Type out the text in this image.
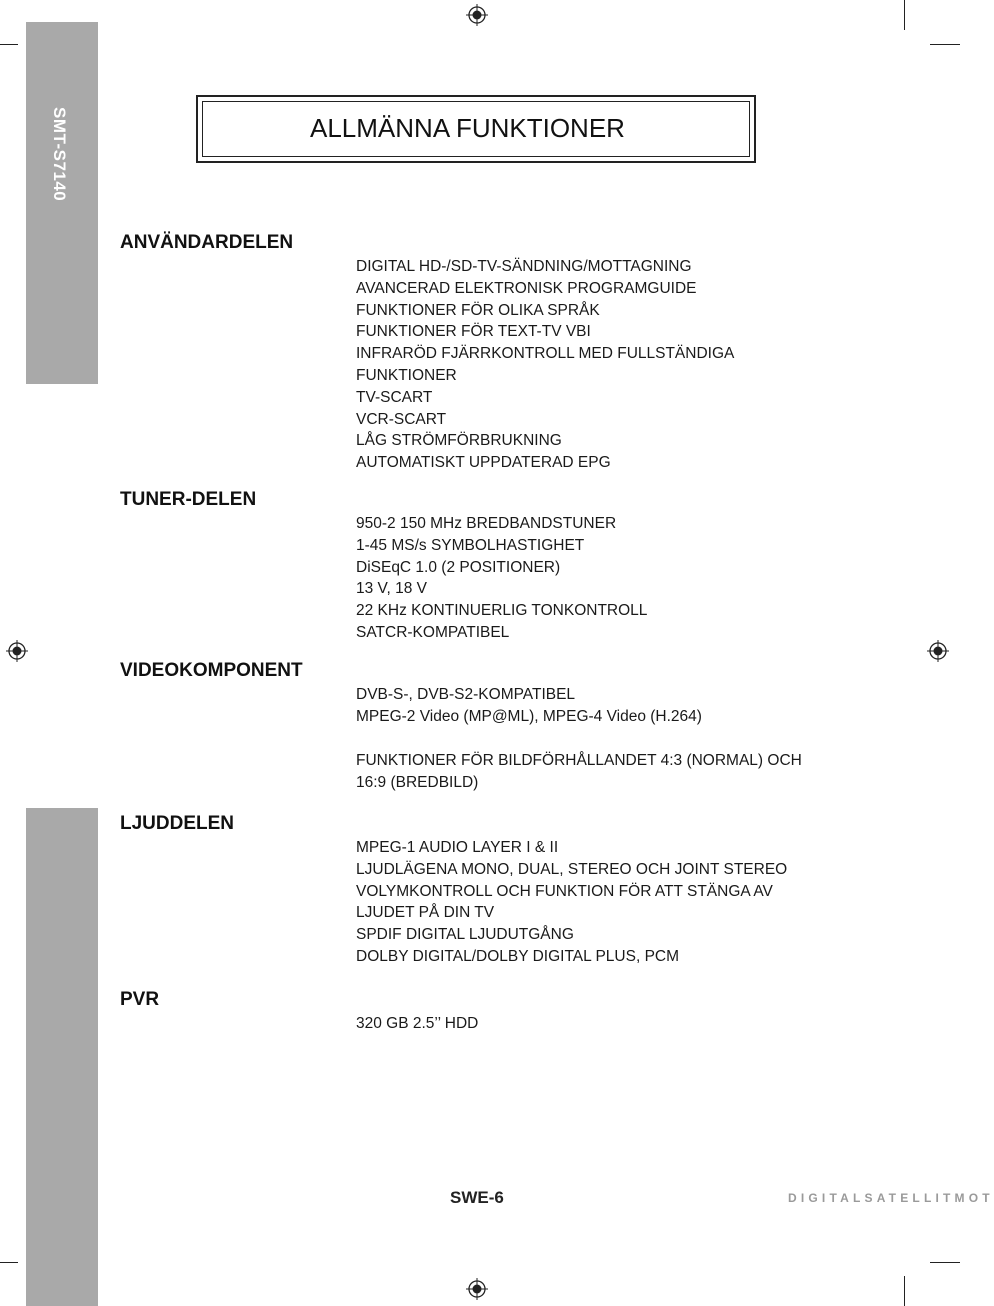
SMT-S7140	ALLMÄNNA FUNKTIONER
ANVÄNDARDELEN
DIGITAL HD-/SD-TV-SÄNDNING/MOTTAGNING
AVANCERAD ELEKTRONISK PROGRAMGUIDE
FUNKTIONER FÖR OLIKA SPRÅK
FUNKTIONER FÖR TEXT-TV VBI
INFRARÖD FJÄRRKONTROLL MED FULLSTÄNDIGA
FUNKTIONER
TV-SCART
VCR-SCART
LÅG STRÖMFÖRBRUKNING
AUTOMATISKT UPPDATERAD EPG
TUNER-DELEN
950-2 150 MHz BREDBANDSTUNER
1-45 MS/s SYMBOLHASTIGHET
DiSEqC 1.0 (2 POSITIONER)
13 V, 18 V
22 KHz KONTINUERLIG TONKONTROLL
SATCR-KOMPATIBEL
VIDEOKOMPONENT
DVB-S-, DVB-S2-KOMPATIBEL
MPEG-2 Video (MP@ML), MPEG-4 Video (H.264)
FUNKTIONER FÖR BILDFÖRHÅLLANDET 4:3 (NORMAL) OCH
16:9 (BREDBILD)
LJUDDELEN
MPEG-1 AUDIO LAYER I & II
LJUDLÄGENA MONO, DUAL, STEREO OCH JOINT STEREO
VOLYMKONTROLL OCH FUNKTION FÖR ATT STÄNGA AV
LJUDET PÅ DIN TV
SPDIF DIGITAL LJUDUTGÅNG
DOLBY DIGITAL/DOLBY DIGITAL PLUS, PCM
PVR
320 GB 2.5’’ HDD
SWE-6	DIGITALSATELLITMOT
